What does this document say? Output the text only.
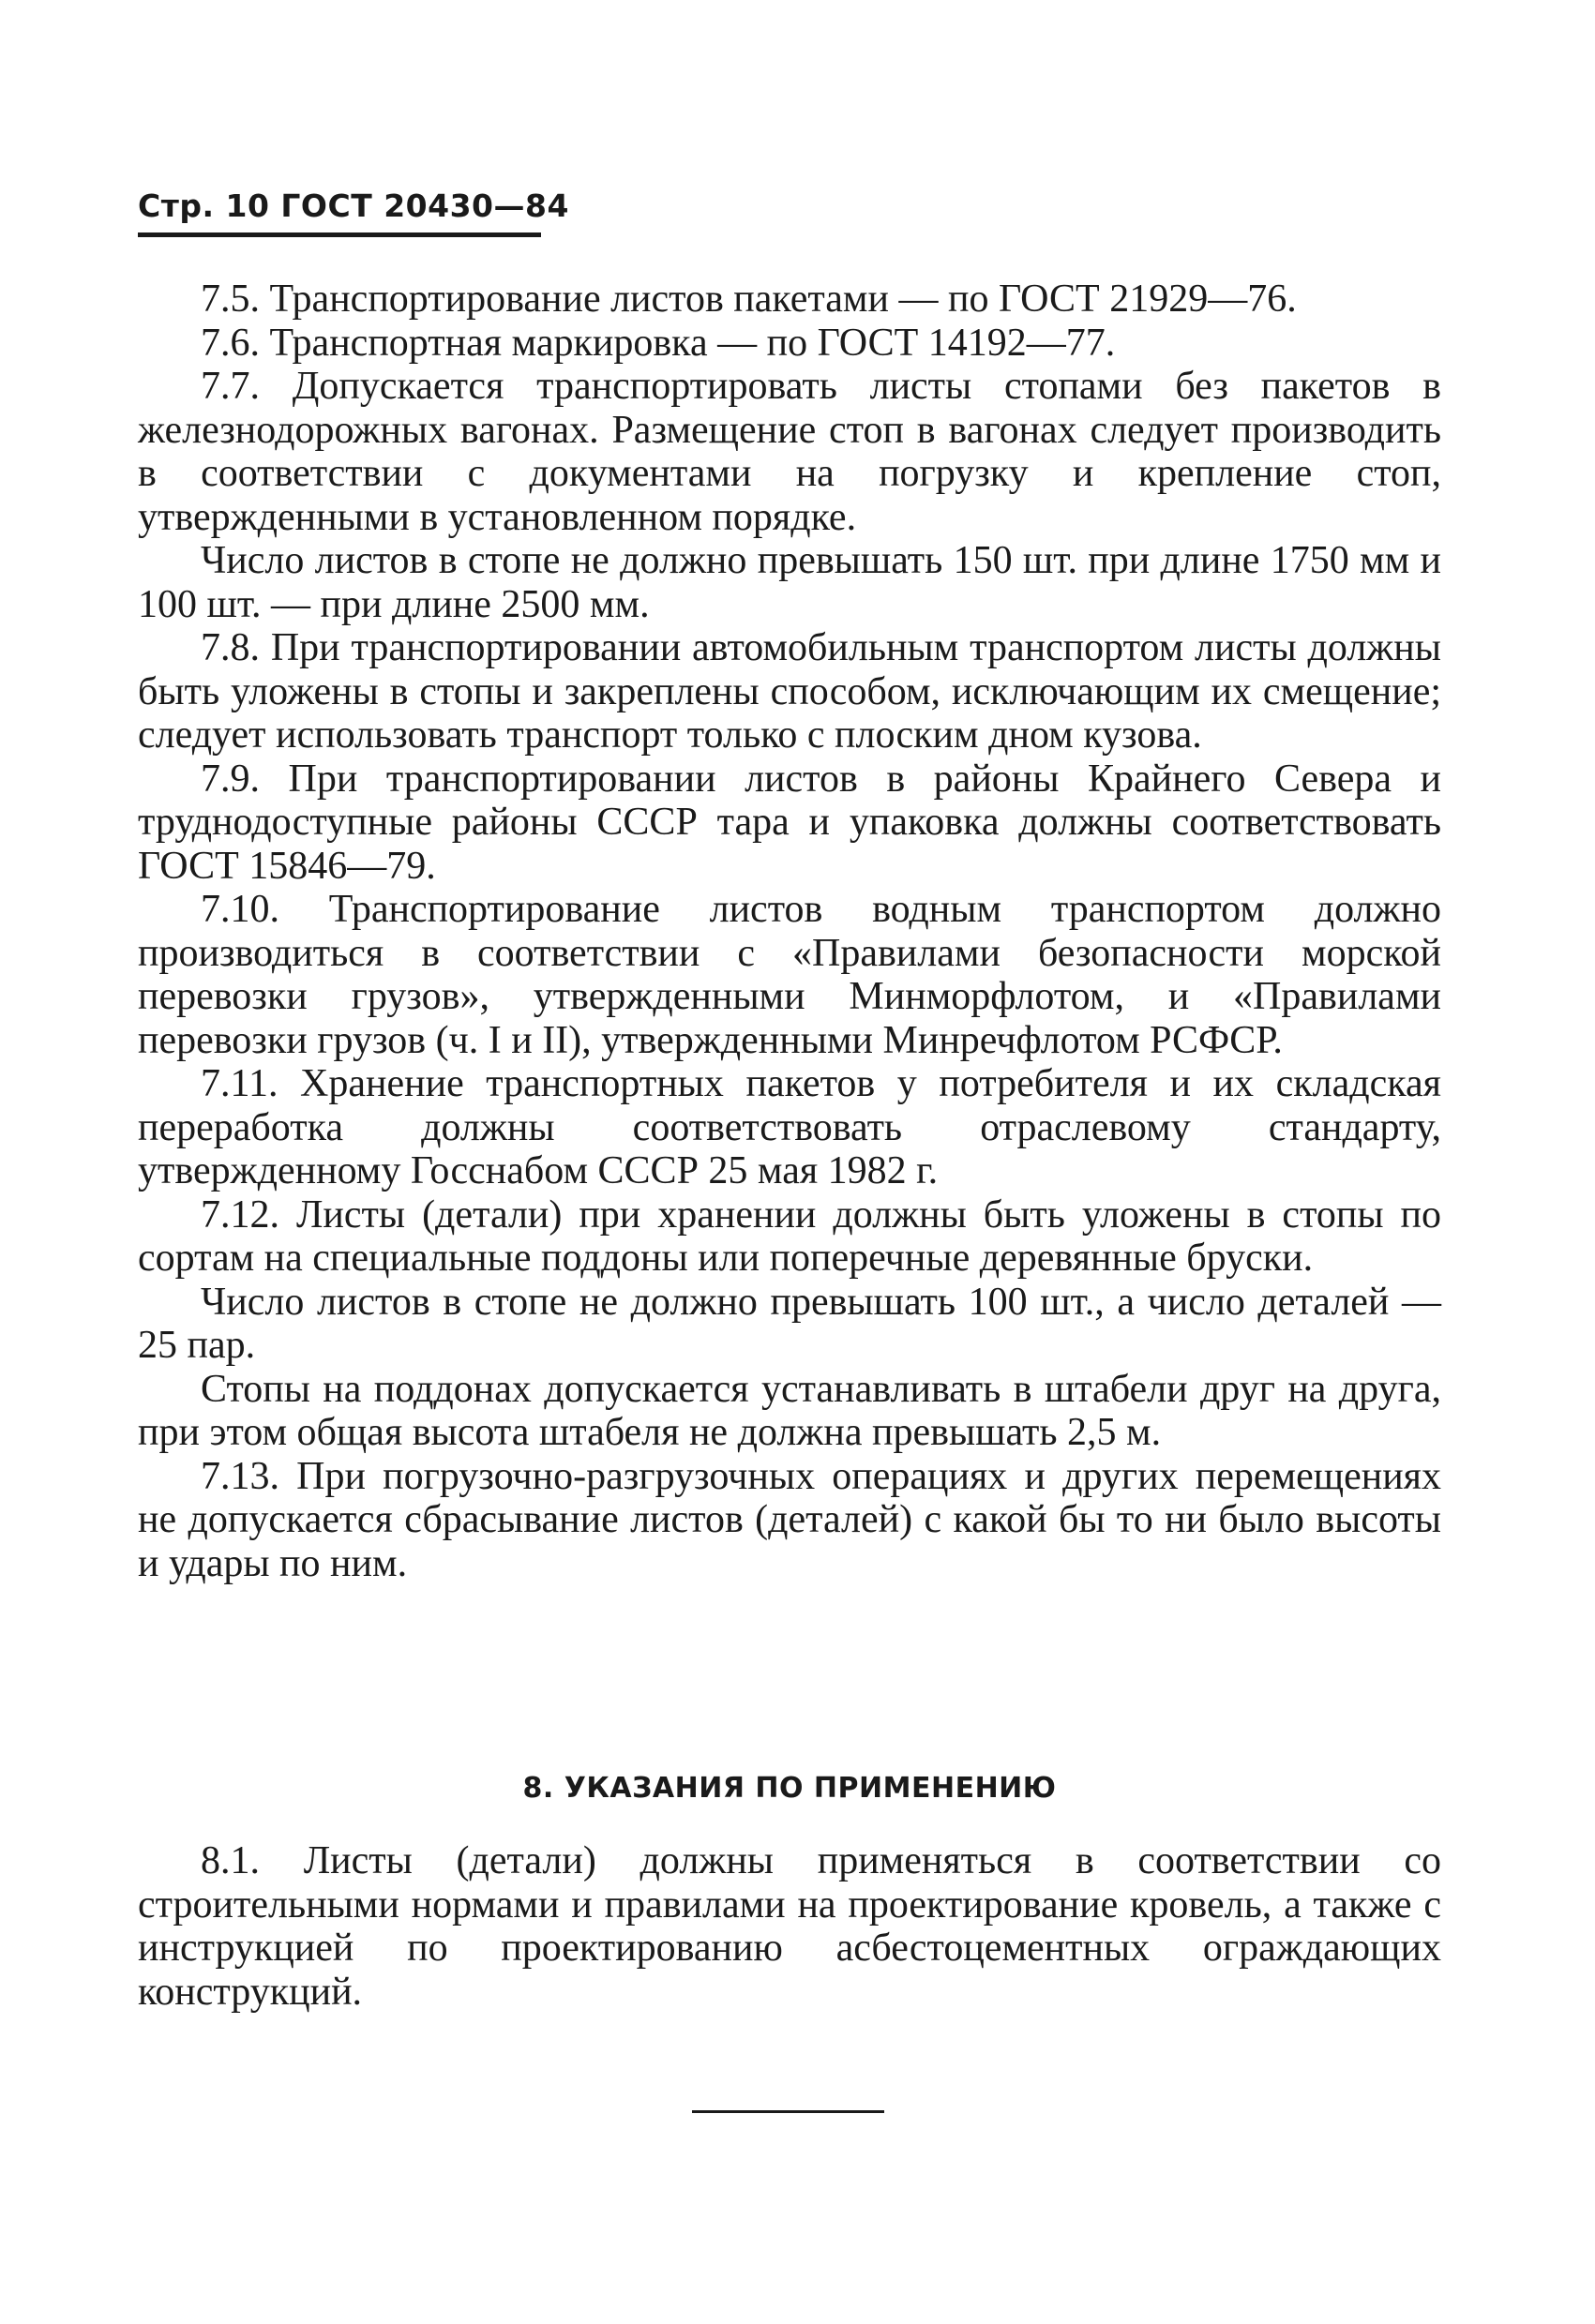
Стр. 10 ГОСТ 20430—84

7.5. Транспортирование листов пакетами — по ГОСТ 21929—76.

7.6. Транспортная маркировка — по ГОСТ 14192—77.

7.7. Допускается транспортировать листы стопами без пакетов в железнодорожных вагонах. Размещение стоп в вагонах следует производить в соответствии с документами на погрузку и крепление стоп, утвержденными в установленном порядке.

Число листов в стопе не должно превышать 150 шт. при длине 1750 мм и 100 шт. — при длине 2500 мм.

7.8. При транспортировании автомобильным транспортом листы должны быть уложены в стопы и закреплены способом, исключающим их смещение; следует использовать транспорт только с плоским дном кузова.

7.9. При транспортировании листов в районы Крайнего Севера и труднодоступные районы СССР тара и упаковка должны соответствовать ГОСТ 15846—79.

7.10. Транспортирование листов водным транспортом должно производиться в соответствии с «Правилами безопасности морской перевозки грузов», утвержденными Минморфлотом, и «Правилами перевозки грузов (ч. I и II), утвержденными Минречфлотом РСФСР.

7.11. Хранение транспортных пакетов у потребителя и их складская переработка должны соответствовать отраслевому стандарту, утвержденному Госснабом СССР 25 мая 1982 г.

7.12. Листы (детали) при хранении должны быть уложены в стопы по сортам на специальные поддоны или поперечные деревянные бруски.

Число листов в стопе не должно превышать 100 шт., а число деталей — 25 пар.

Стопы на поддонах допускается устанавливать в штабели друг на друга, при этом общая высота штабеля не должна превышать 2,5 м.

7.13. При погрузочно-разгрузочных операциях и других перемещениях не допускается сбрасывание листов (деталей) с какой бы то ни было высоты и удары по ним.

8. УКАЗАНИЯ ПО ПРИМЕНЕНИЮ

8.1. Листы (детали) должны применяться в соответствии со строительными нормами и правилами на проектирование кровель, а также с инструкцией по проектированию асбестоцементных ограждающих конструкций.
